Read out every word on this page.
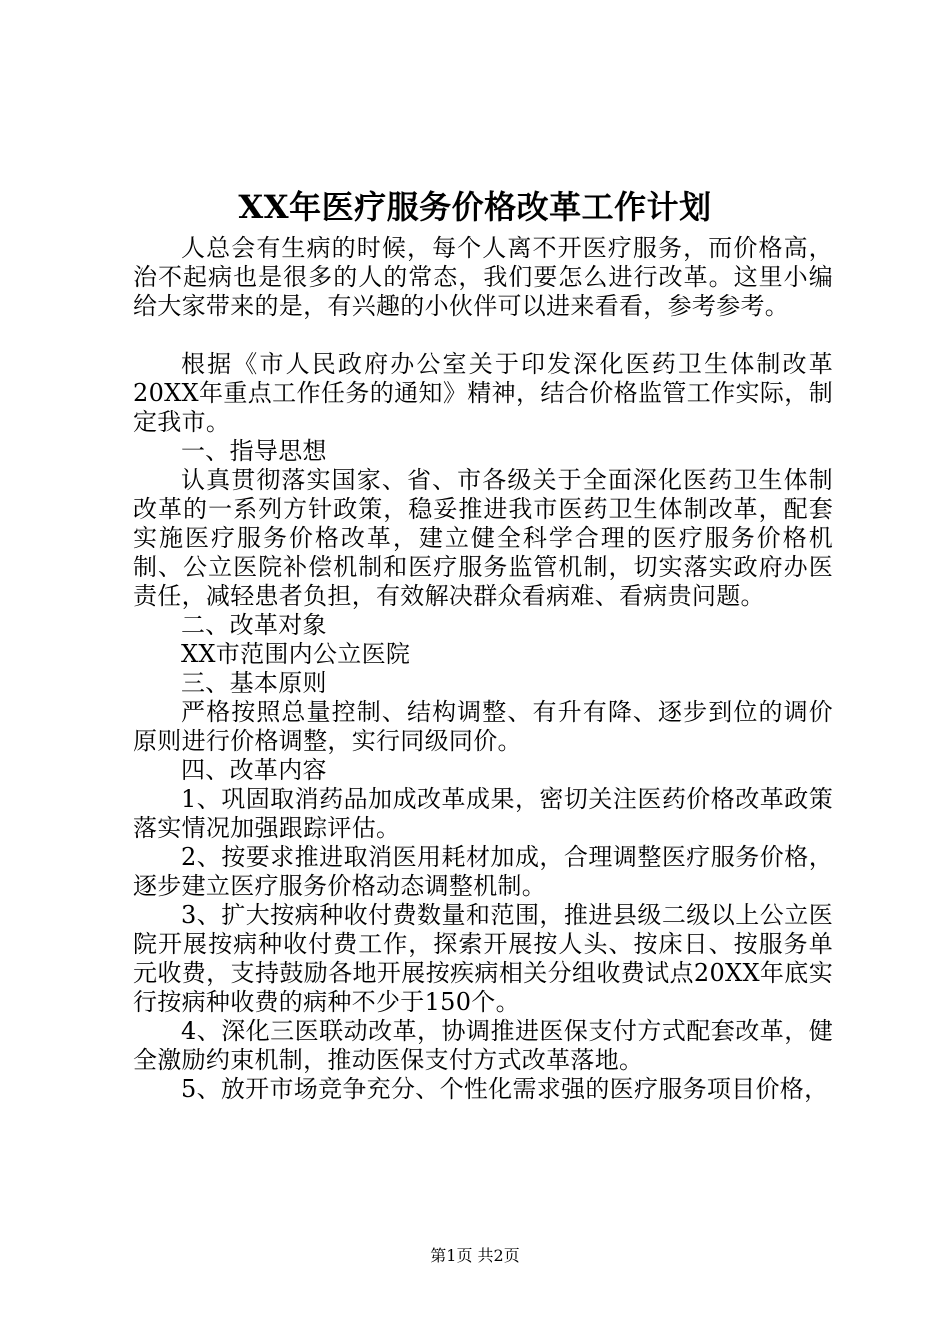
XX年医疗服务价格改革工作计划

人总会有生病的时候，每个人离不开医疗服务，而价格高，治不起病也是很多的人的常态，我们要怎么进行改革。这里小编给大家带来的是，有兴趣的小伙伴可以进来看看，参考参考。

根据《市人民政府办公室关于印发深化医药卫生体制改革20XX年重点工作任务的通知》精神，结合价格监管工作实际，制定我市。

一、指导思想

认真贯彻落实国家、省、市各级关于全面深化医药卫生体制改革的一系列方针政策，稳妥推进我市医药卫生体制改革，配套实施医疗服务价格改革，建立健全科学合理的医疗服务价格机制、公立医院补偿机制和医疗服务监管机制，切实落实政府办医责任，减轻患者负担，有效解决群众看病难、看病贵问题。

二、改革对象

XX市范围内公立医院

三、基本原则

严格按照总量控制、结构调整、有升有降、逐步到位的调价原则进行价格调整，实行同级同价。

四、改革内容

1、巩固取消药品加成改革成果，密切关注医药价格改革政策落实情况加强跟踪评估。

2、按要求推进取消医用耗材加成，合理调整医疗服务价格，逐步建立医疗服务价格动态调整机制。

3、扩大按病种收付费数量和范围，推进县级二级以上公立医院开展按病种收付费工作，探索开展按人头、按床日、按服务单元收费，支持鼓励各地开展按疾病相关分组收费试点20XX年底实行按病种收费的病种不少于150个。

4、深化三医联动改革，协调推进医保支付方式配套改革，健全激励约束机制，推动医保支付方式改革落地。

5、放开市场竞争充分、个性化需求强的医疗服务项目价格，

第1页 共2页
